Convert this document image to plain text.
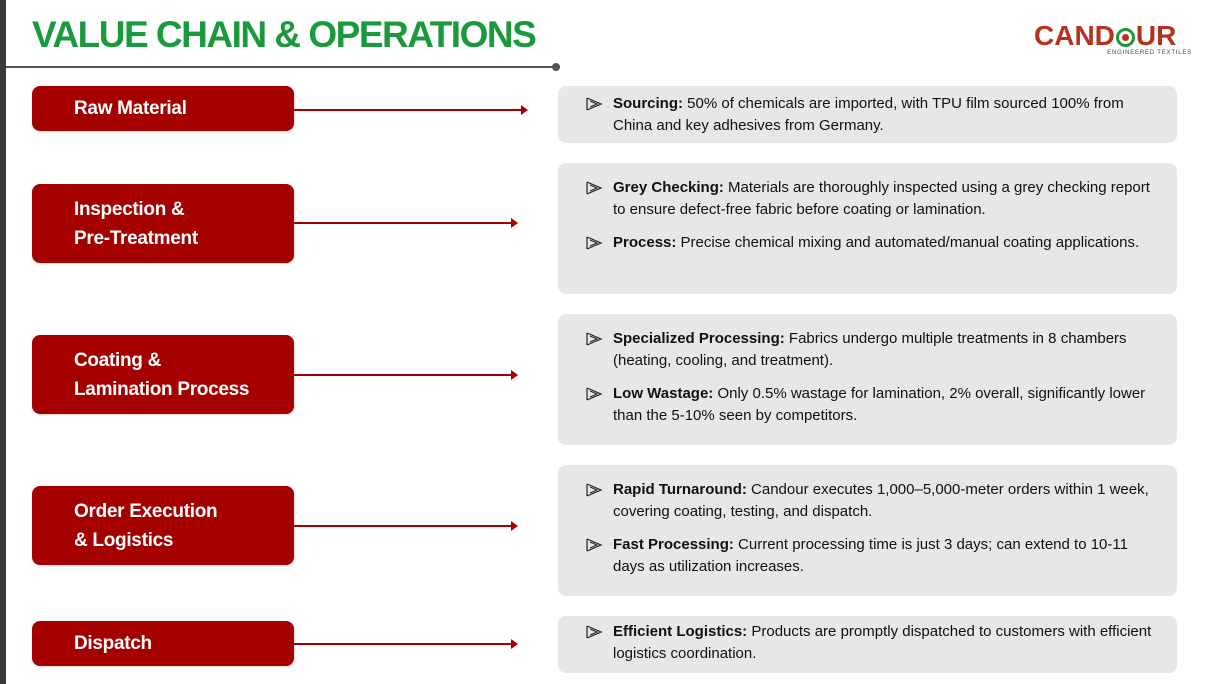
VALUE CHAIN & OPERATIONS	CAND UR
ENGINEERED TEXTILES
Raw Material	Sourcing: 50% of chemicals are imported, with TPU film sourced 100% from China and key adhesives from Germany.
Inspection &
Pre-Treatment
Grey Checking: Materials are thoroughly inspected using a grey checking report to ensure defect-free fabric before coating or lamination.
Process: Precise chemical mixing and automated/manual coating applications.
Coating &
Lamination Process
Specialized Processing: Fabrics undergo multiple treatments in 8 chambers (heating, cooling, and treatment).
Low Wastage: Only 0.5% wastage for lamination, 2% overall, significantly lower than the 5-10% seen by competitors.
Order Execution
& Logistics
Rapid Turnaround: Candour executes 1,000–5,000-meter orders within 1 week, covering coating, testing, and dispatch.
Fast Processing: Current processing time is just 3 days; can extend to 10-11 days as utilization increases.
Dispatch
Efficient Logistics: Products are promptly dispatched to customers with efficient logistics coordination.
